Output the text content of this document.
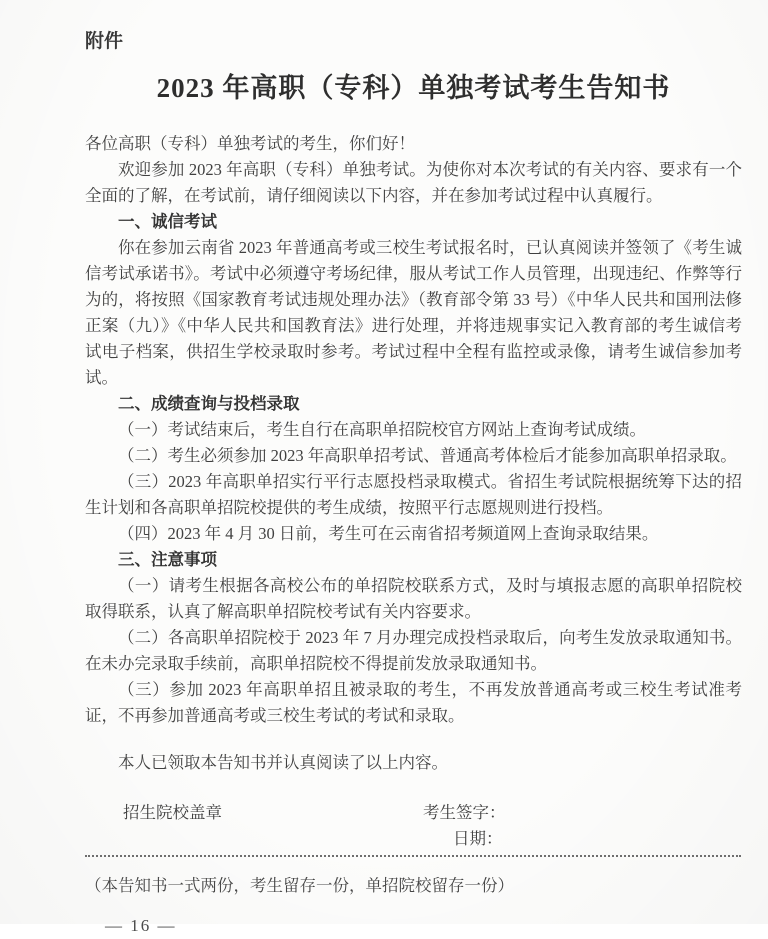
附件
2023 年高职（专科）单独考试考生告知书

各位高职（专科）单独考试的考生，你们好！

欢迎参加 2023 年高职（专科）单独考试。为使你对本次考试的有关内容、要求有一个全面的了解，在考试前，请仔细阅读以下内容，并在参加考试过程中认真履行。

一、诚信考试

你在参加云南省 2023 年普通高考或三校生考试报名时，已认真阅读并签领了《考生诚信考试承诺书》。考试中必须遵守考场纪律，服从考试工作人员管理，出现违纪、作弊等行为的，将按照《国家教育考试违规处理办法》（教育部令第 33 号）《中华人民共和国刑法修正案（九）》《中华人民共和国教育法》进行处理，并将违规事实记入教育部的考生诚信考试电子档案，供招生学校录取时参考。考试过程中全程有监控或录像，请考生诚信参加考试。

二、成绩查询与投档录取

（一）考试结束后，考生自行在高职单招院校官方网站上查询考试成绩。

（二）考生必须参加 2023 年高职单招考试、普通高考体检后才能参加高职单招录取。

（三）2023 年高职单招实行平行志愿投档录取模式。省招生考试院根据统筹下达的招生计划和各高职单招院校提供的考生成绩，按照平行志愿规则进行投档。

（四）2023 年 4 月 30 日前，考生可在云南省招考频道网上查询录取结果。

三、注意事项

（一）请考生根据各高校公布的单招院校联系方式，及时与填报志愿的高职单招院校取得联系，认真了解高职单招院校考试有关内容要求。

（二）各高职单招院校于 2023 年 7 月办理完成投档录取后，向考生发放录取通知书。在未办完录取手续前，高职单招院校不得提前发放录取通知书。

（三）参加 2023 年高职单招且被录取的考生，不再发放普通高考或三校生考试准考证，不再参加普通高考或三校生考试的考试和录取。

本人已领取本告知书并认真阅读了以上内容。

招生院校盖章	考生签字：
日期：

（本告知书一式两份，考生留存一份，单招院校留存一份）

— 16 —
